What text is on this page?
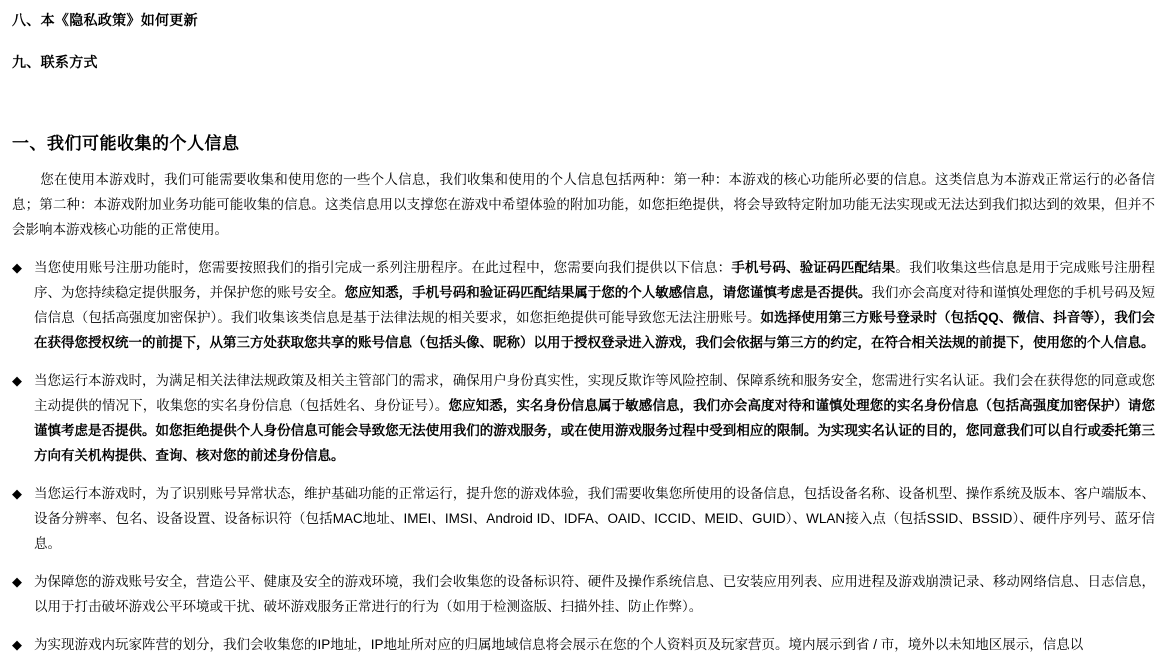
八、本《隐私政策》如何更新
九、联系方式
一、我们可能收集的个人信息

您在使用本游戏时，我们可能需要收集和使用您的一些个人信息，我们收集和使用的个人信息包括两种：第一种：本游戏的核心功能所必要的信息。这类信息为本游戏正常运行的必备信息；第二种：本游戏附加业务功能可能收集的信息。这类信息用以支撑您在游戏中希望体验的附加功能，如您拒绝提供，将会导致特定附加功能无法实现或无法达到我们拟达到的效果，但并不会影响本游戏核心功能的正常使用。

◆ 当您使用账号注册功能时，您需要按照我们的指引完成一系列注册程序。在此过程中，您需要向我们提供以下信息：手机号码、验证码匹配结果。我们收集这些信息是用于完成账号注册程序、为您持续稳定提供服务，并保护您的账号安全。您应知悉，手机号码和验证码匹配结果属于您的个人敏感信息，请您谨慎考虑是否提供。我们亦会高度对待和谨慎处理您的手机号码及短信信息（包括高强度加密保护）。我们收集该类信息是基于法律法规的相关要求，如您拒绝提供可能导致您无法注册账号。如选择使用第三方账号登录时（包括QQ、微信、抖音等），我们会在获得您授权统一的前提下，从第三方处获取您共享的账号信息（包括头像、昵称）以用于授权登录进入游戏，我们会依据与第三方的约定，在符合相关法规的前提下，使用您的个人信息。
◆ 当您运行本游戏时，为满足相关法律法规政策及相关主管部门的需求，确保用户身份真实性，实现反欺诈等风险控制、保障系统和服务安全，您需进行实名认证。我们会在获得您的同意或您主动提供的情况下，收集您的实名身份信息（包括姓名、身份证号）。您应知悉，实名身份信息属于敏感信息，我们亦会高度对待和谨慎处理您的实名身份信息（包括高强度加密保护）请您谨慎考虑是否提供。如您拒绝提供个人身份信息可能会导致您无法使用我们的游戏服务，或在使用游戏服务过程中受到相应的限制。为实现实名认证的目的，您同意我们可以自行或委托第三方向有关机构提供、查询、核对您的前述身份信息。
◆ 当您运行本游戏时，为了识别账号异常状态，维护基础功能的正常运行，提升您的游戏体验，我们需要收集您所使用的设备信息，包括设备名称、设备机型、操作系统及版本、客户端版本、设备分辨率、包名、设备设置、设备标识符（包括MAC地址、IMEI、IMSI、Android ID、IDFA、OAID、ICCID、MEID、GUID）、WLAN接入点（包括SSID、BSSID）、硬件序列号、蓝牙信息。
◆ 为保障您的游戏账号安全，营造公平、健康及安全的游戏环境，我们会收集您的设备标识符、硬件及操作系统信息、已安装应用列表、应用进程及游戏崩溃记录、移动网络信息、日志信息，以用于打击破坏游戏公平环境或干扰、破坏游戏服务正常进行的行为（如用于检测盗版、扫描外挂、防止作弊）。
◆ 为实现游戏内玩家阵营的划分，我们会收集您的IP地址，IP地址所对应的归属地域信息将会展示在您的个人资料页及玩家营页。境内展示到省 / 市，境外以未知地区展示，信息以
